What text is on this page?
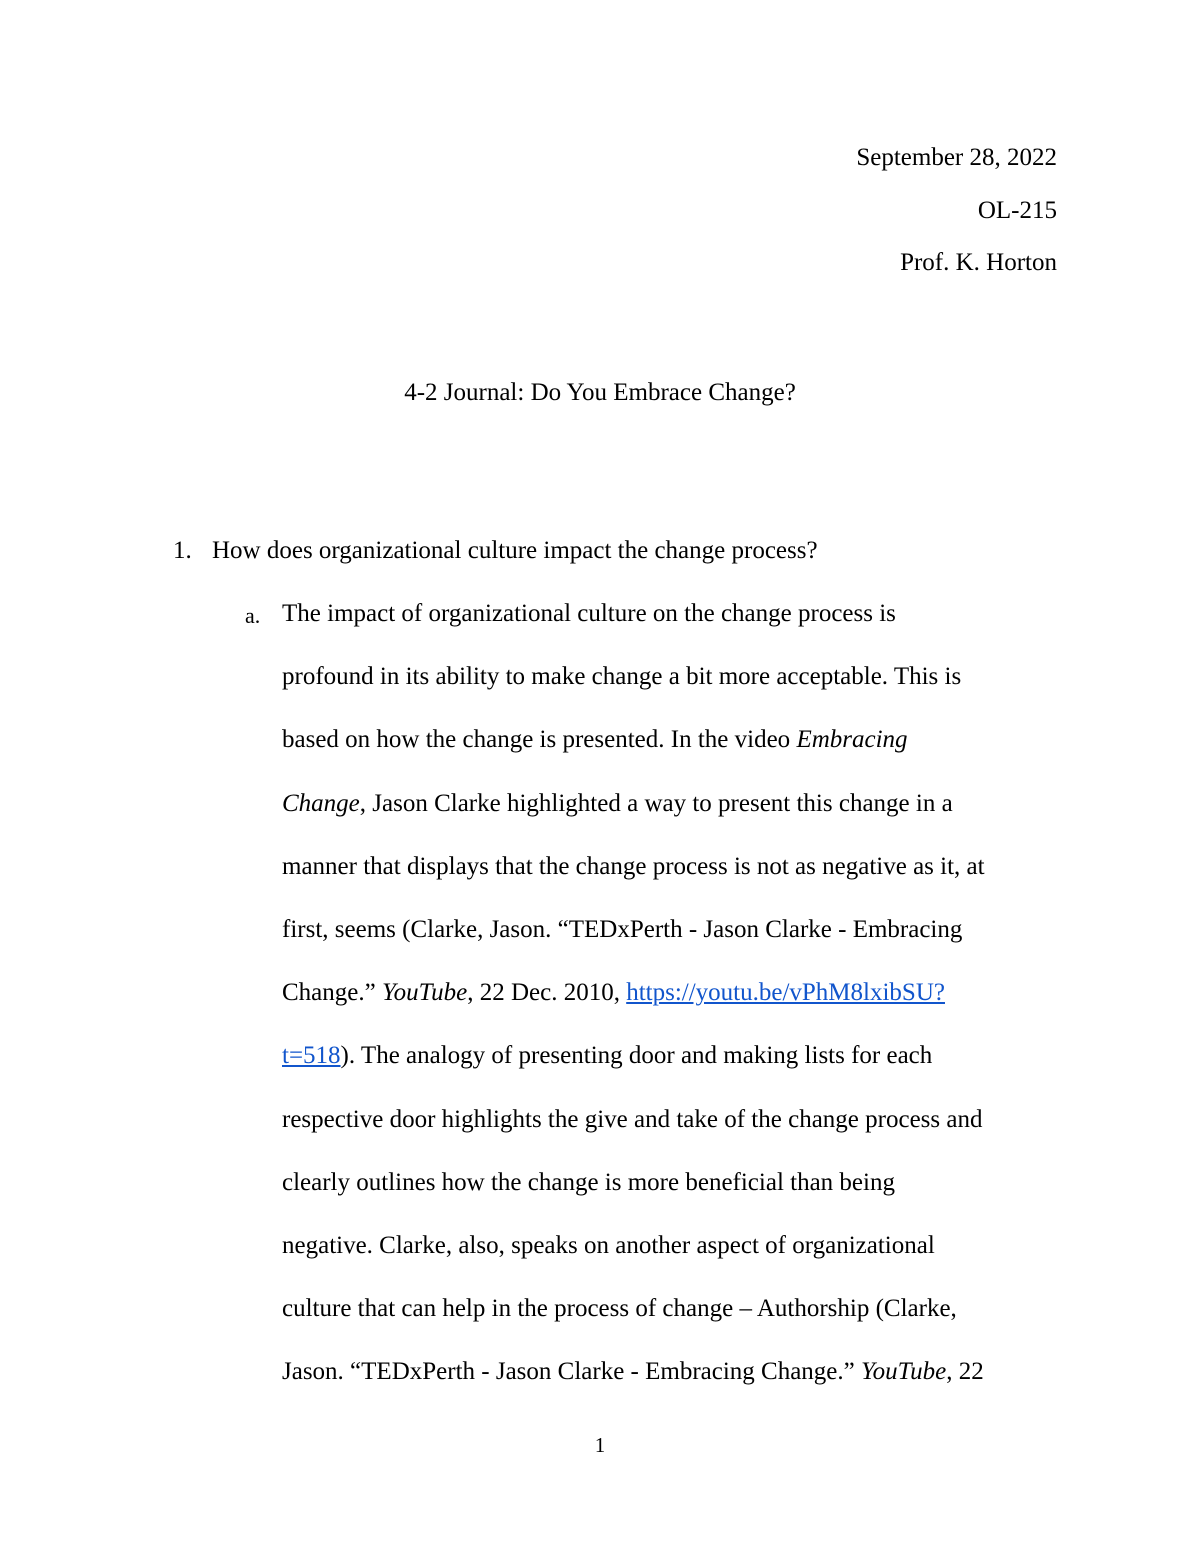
September 28, 2022
OL-215
Prof. K. Horton
4-2 Journal: Do You Embrace Change?
1. How does organizational culture impact the change process?
a. The impact of organizational culture on the change process is
profound in its ability to make change a bit more acceptable. This is
based on how the change is presented. In the video Embracing
Change, Jason Clarke highlighted a way to present this change in a
manner that displays that the change process is not as negative as it, at
first, seems (Clarke, Jason. “TEDxPerth - Jason Clarke - Embracing
Change.” YouTube, 22 Dec. 2010, https://youtu.be/vPhM8lxibSU?
t=518). The analogy of presenting door and making lists for each
respective door highlights the give and take of the change process and
clearly outlines how the change is more beneficial than being
negative. Clarke, also, speaks on another aspect of organizational
culture that can help in the process of change – Authorship (Clarke,
Jason. “TEDxPerth - Jason Clarke - Embracing Change.” YouTube, 22
1
